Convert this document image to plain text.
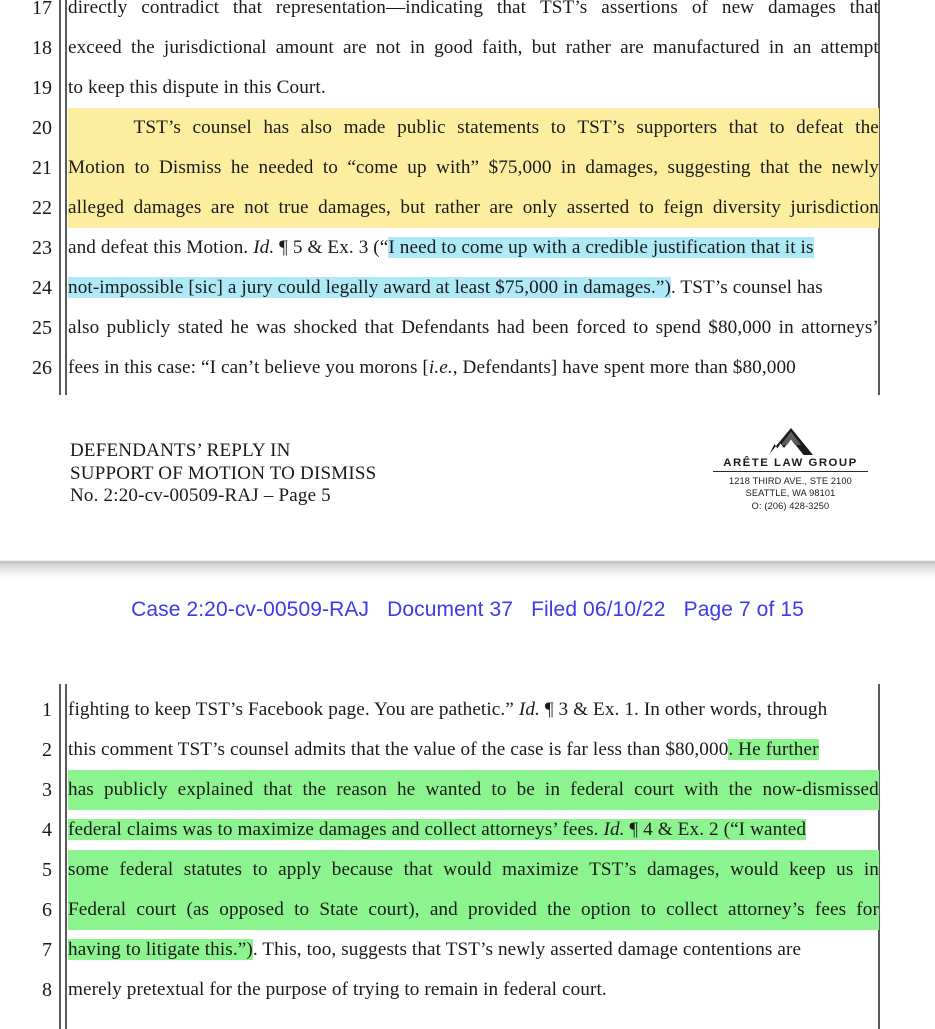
17 directly contradict that representation—indicating that TST’s assertions of new damages that
18 exceed the jurisdictional amount are not in good faith, but rather are manufactured in an attempt
19 to keep this dispute in this Court.
20	TST’s counsel has also made public statements to TST’s supporters that to defeat the
21 Motion to Dismiss he needed to “come up with” $75,000 in damages, suggesting that the newly
22 alleged damages are not true damages, but rather are only asserted to feign diversity jurisdiction
23 and defeat this Motion. Id. ¶ 5 & Ex. 3 (“I need to come up with a credible justification that it is
24 not-impossible [sic] a jury could legally award at least $75,000 in damages.”). TST’s counsel has
25 also publicly stated he was shocked that Defendants had been forced to spend $80,000 in attorneys’
26 fees in this case: “I can’t believe you morons [i.e., Defendants] have spent more than $80,000
DEFENDANTS’ REPLY IN
SUPPORT OF MOTION TO DISMISS
No. 2:20-cv-00509-RAJ – Page 5
ARÊTE LAW GROUP
1218 THIRD AVE., STE 2100
SEATTLE, WA 98101
O: (206) 428-3250
Case 2:20-cv-00509-RAJ Document 37 Filed 06/10/22 Page 7 of 15
1 fighting to keep TST’s Facebook page. You are pathetic.” Id. ¶ 3 & Ex. 1. In other words, through
2 this comment TST’s counsel admits that the value of the case is far less than $80,000. He further
3 has publicly explained that the reason he wanted to be in federal court with the now-dismissed
4 federal claims was to maximize damages and collect attorneys’ fees. Id. ¶ 4 & Ex. 2 (“I wanted
5 some federal statutes to apply because that would maximize TST’s damages, would keep us in
6 Federal court (as opposed to State court), and provided the option to collect attorney’s fees for
7 having to litigate this.”). This, too, suggests that TST’s newly asserted damage contentions are
8 merely pretextual for the purpose of trying to remain in federal court.
